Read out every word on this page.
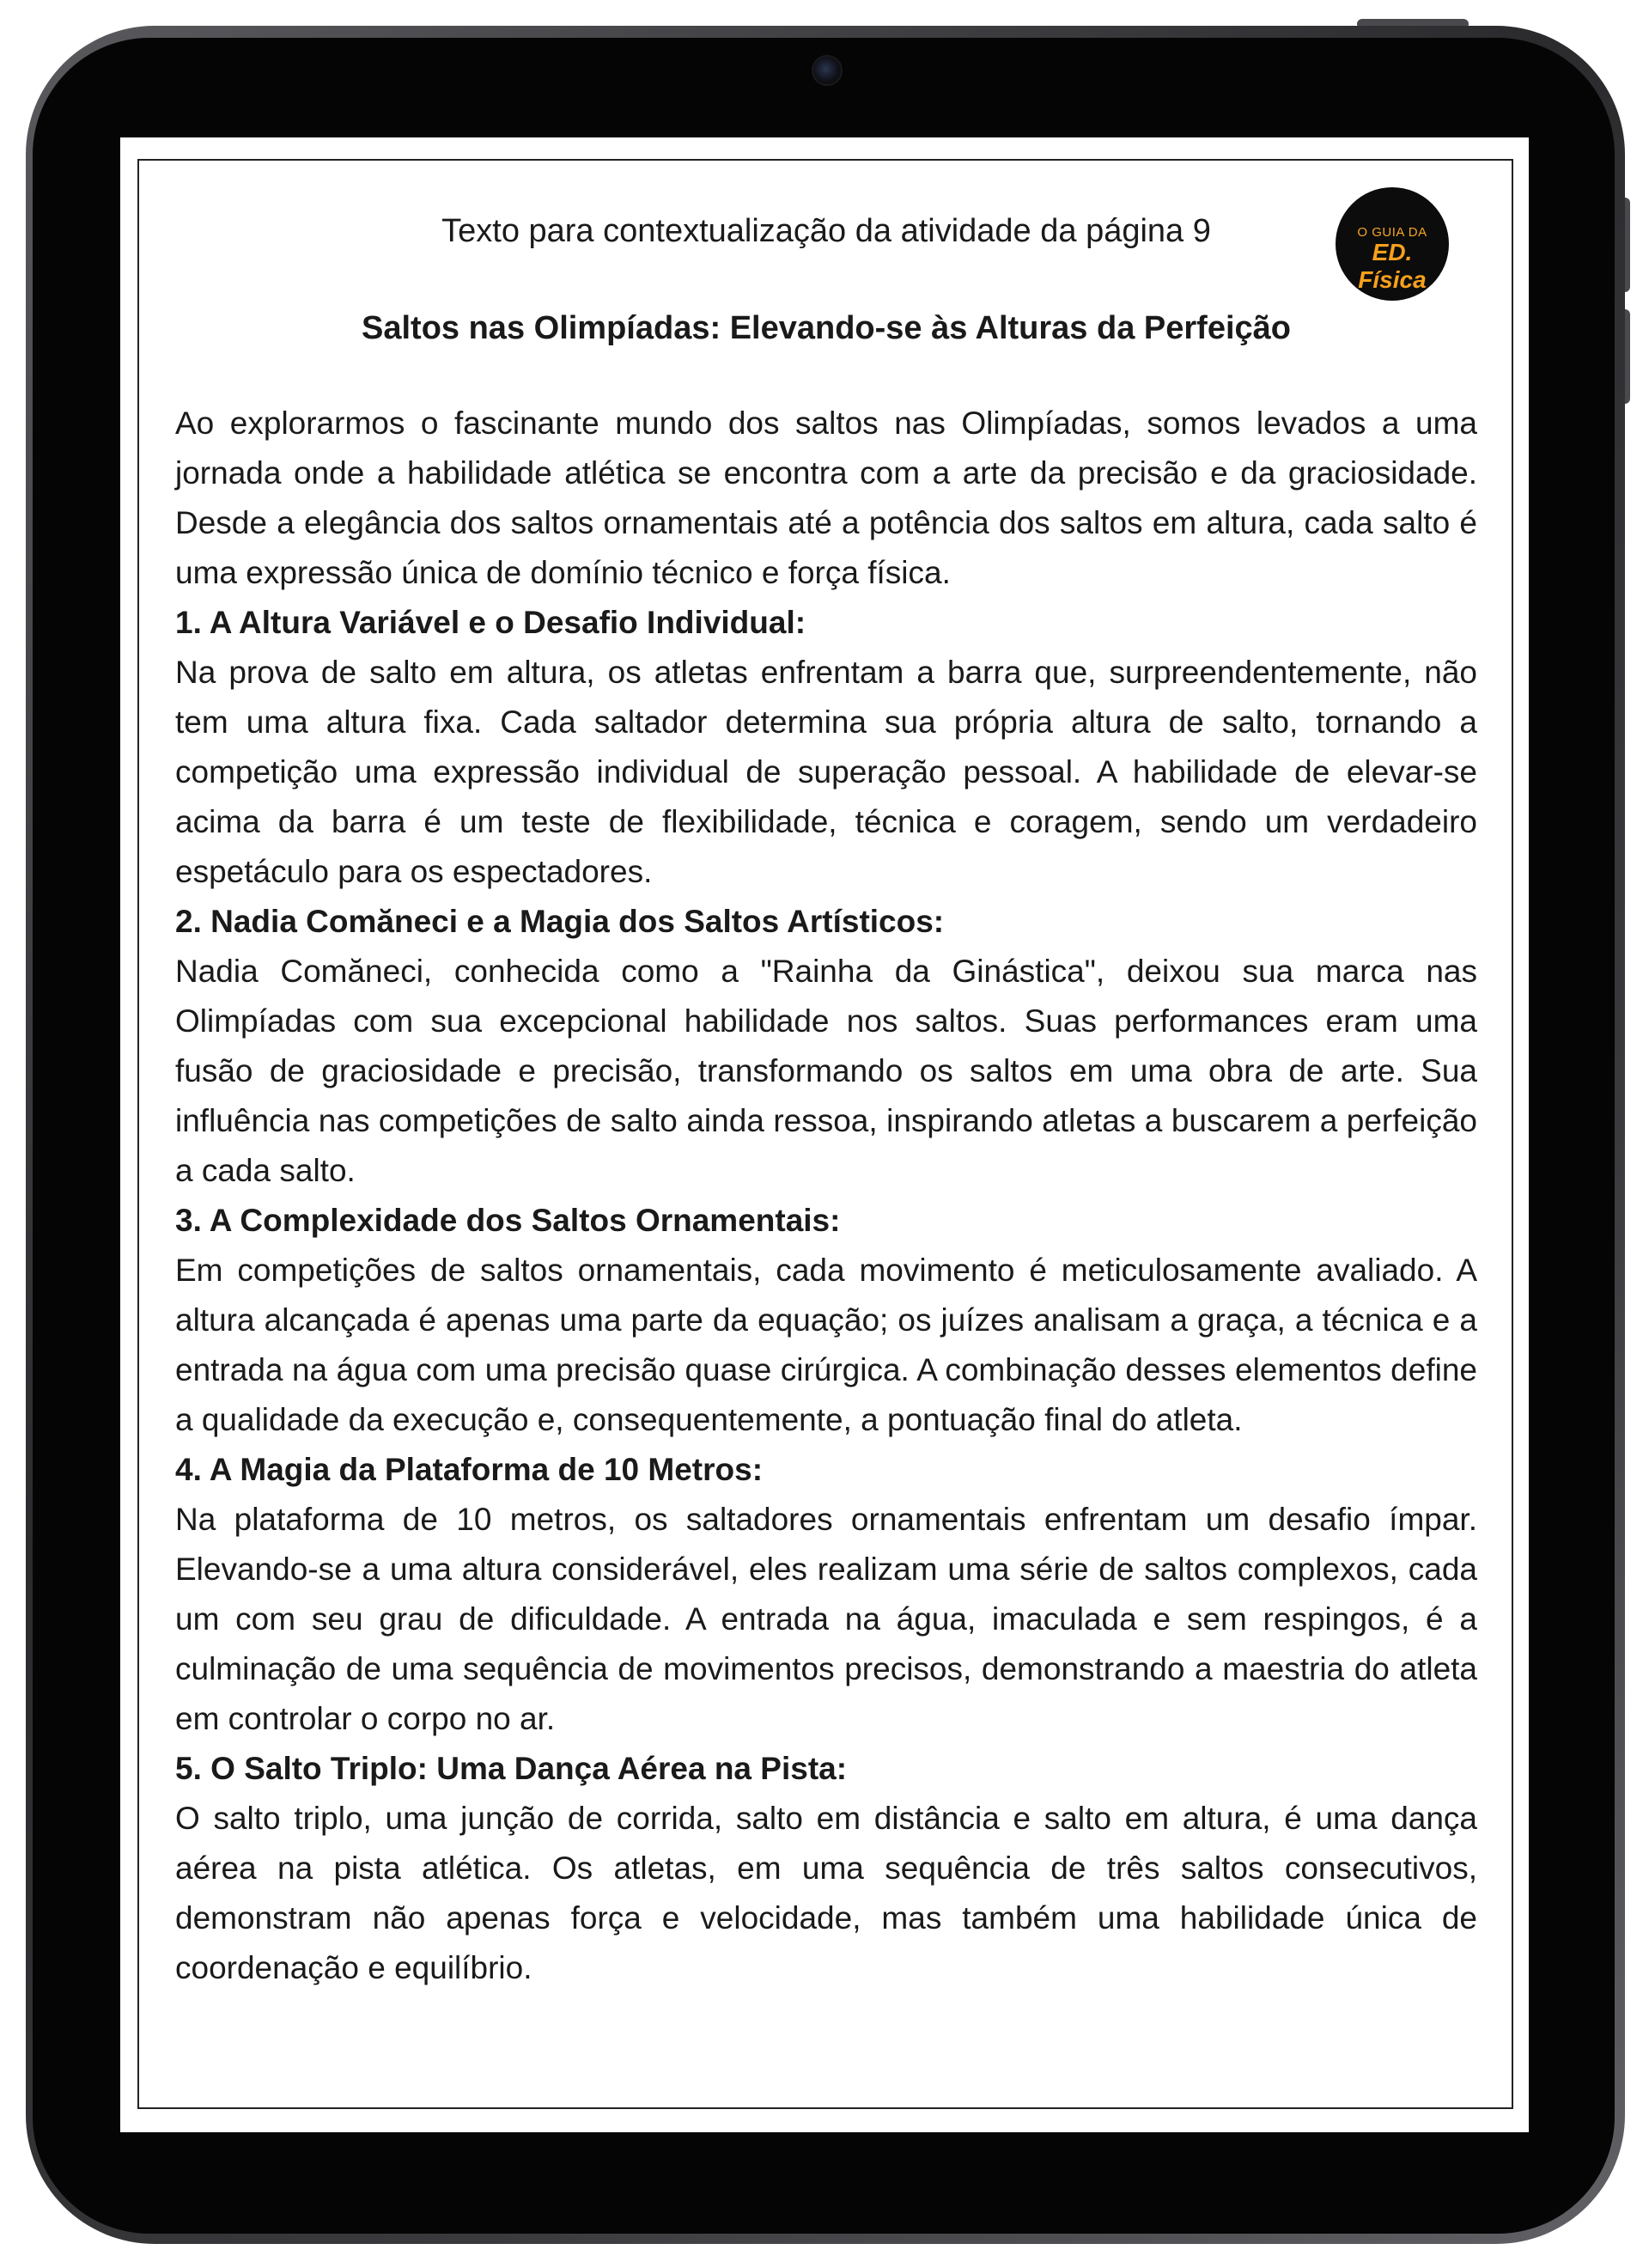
O GUIA DA
ED. Física
Texto para contextualização da atividade da página 9
Saltos nas Olimpíadas: Elevando-se às Alturas da Perfeição

Ao explorarmos o fascinante mundo dos saltos nas Olimpíadas, somos levados a uma jornada onde a habilidade atlética se encontra com a arte da precisão e da graciosidade. Desde a elegância dos saltos ornamentais até a potência dos saltos em altura, cada salto é uma expressão única de domínio técnico e força física.

1. A Altura Variável e o Desafio Individual:

Na prova de salto em altura, os atletas enfrentam a barra que, surpreendentemente, não tem uma altura fixa. Cada saltador determina sua própria altura de salto, tornando a competição uma expressão individual de superação pessoal. A habilidade de elevar-se acima da barra é um teste de flexibilidade, técnica e coragem, sendo um verdadeiro espetáculo para os espectadores.

2. Nadia Comăneci e a Magia dos Saltos Artísticos:

Nadia Comăneci, conhecida como a "Rainha da Ginástica", deixou sua marca nas Olimpíadas com sua excepcional habilidade nos saltos. Suas performances eram uma fusão de graciosidade e precisão, transformando os saltos em uma obra de arte. Sua influência nas competições de salto ainda ressoa, inspirando atletas a buscarem a perfeição a cada salto.

3. A Complexidade dos Saltos Ornamentais:

Em competições de saltos ornamentais, cada movimento é meticulosamente avaliado. A altura alcançada é apenas uma parte da equação; os juízes analisam a graça, a técnica e a entrada na água com uma precisão quase cirúrgica. A combinação desses elementos define a qualidade da execução e, consequentemente, a pontuação final do atleta.

4. A Magia da Plataforma de 10 Metros:

Na plataforma de 10 metros, os saltadores ornamentais enfrentam um desafio ímpar. Elevando-se a uma altura considerável, eles realizam uma série de saltos complexos, cada um com seu grau de dificuldade. A entrada na água, imaculada e sem respingos, é a culminação de uma sequência de movimentos precisos, demonstrando a maestria do atleta em controlar o corpo no ar.

5. O Salto Triplo: Uma Dança Aérea na Pista:

O salto triplo, uma junção de corrida, salto em distância e salto em altura, é uma dança aérea na pista atlética. Os atletas, em uma sequência de três saltos consecutivos, demonstram não apenas força e velocidade, mas também uma habilidade única de coordenação e equilíbrio.
